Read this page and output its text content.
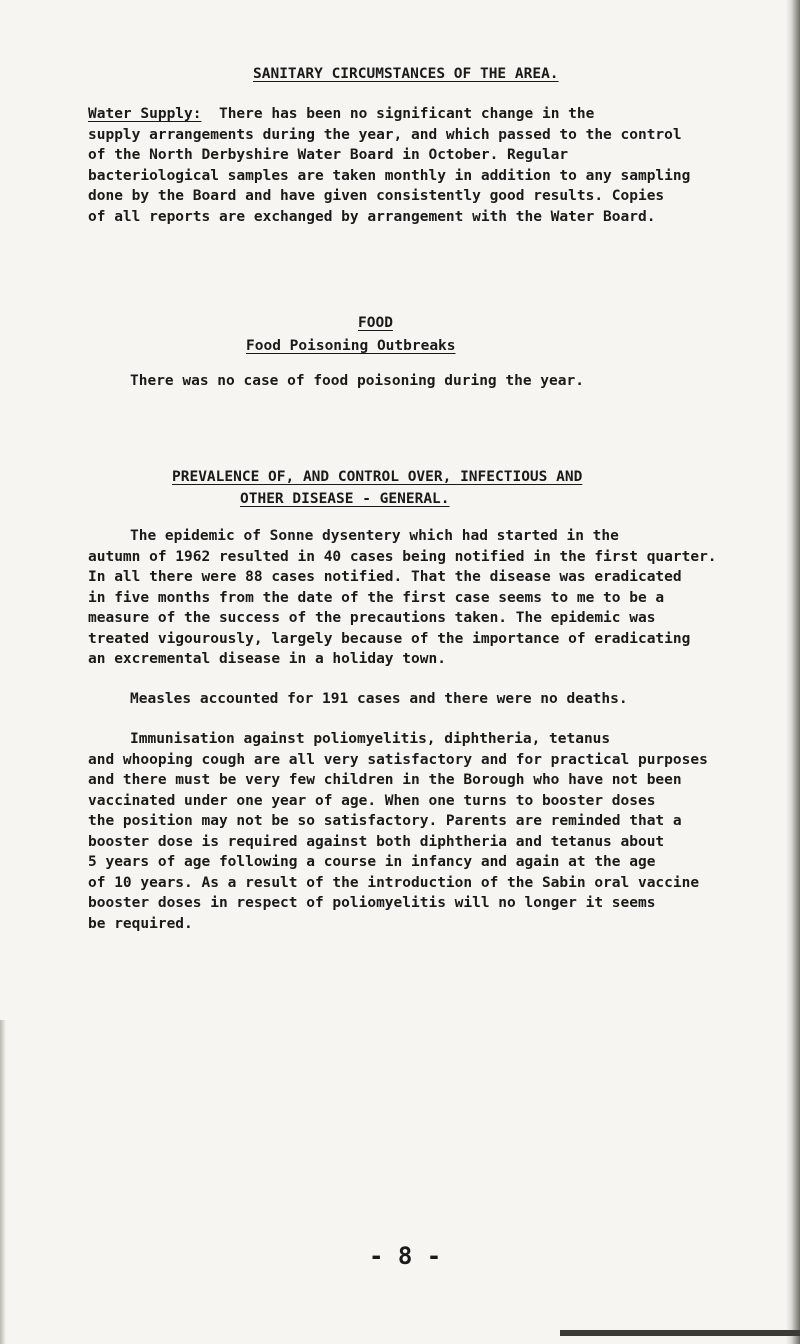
SANITARY CIRCUMSTANCES OF THE AREA.
Water Supply: There has been no significant change in the
supply arrangements during the year, and which passed to the control
of the North Derbyshire Water Board in October. Regular
bacteriological samples are taken monthly in addition to any sampling
done by the Board and have given consistently good results. Copies
of all reports are exchanged by arrangement with the Water Board.
FOOD
Food Poisoning Outbreaks
There was no case of food poisoning during the year.
PREVALENCE OF, AND CONTROL OVER, INFECTIOUS AND
OTHER DISEASE - GENERAL.
The epidemic of Sonne dysentery which had started in the
autumn of 1962 resulted in 40 cases being notified in the first quarter.
In all there were 88 cases notified. That the disease was eradicated
in five months from the date of the first case seems to me to be a
measure of the success of the precautions taken. The epidemic was
treated vigourously, largely because of the importance of eradicating
an excremental disease in a holiday town.
Measles accounted for 191 cases and there were no deaths.
Immunisation against poliomyelitis, diphtheria, tetanus
and whooping cough are all very satisfactory and for practical purposes
and there must be very few children in the Borough who have not been
vaccinated under one year of age. When one turns to booster doses
the position may not be so satisfactory. Parents are reminded that a
booster dose is required against both diphtheria and tetanus about
5 years of age following a course in infancy and again at the age
of 10 years. As a result of the introduction of the Sabin oral vaccine
booster doses in respect of poliomyelitis will no longer it seems
be required.
- 8 -
